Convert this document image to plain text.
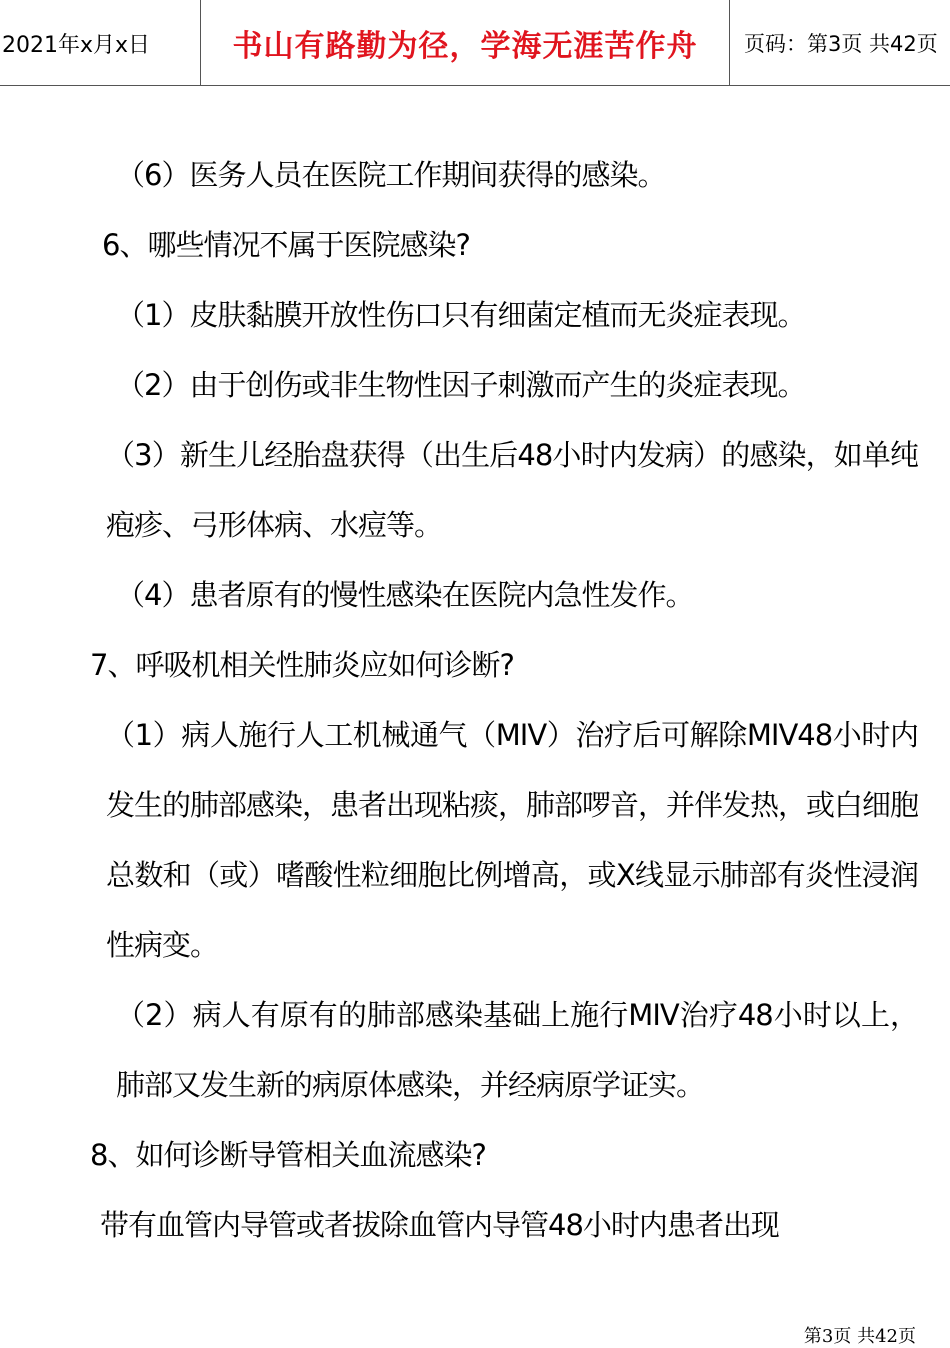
2021年x月x日	书山有路勤为径，学海无涯苦作舟	页码：第3页 共42页

（6）医务人员在医院工作期间获得的感染。

6、哪些情况不属于医院感染?

（1）皮肤黏膜开放性伤口只有细菌定植而无炎症表现。

（2）由于创伤或非生物性因子刺激而产生的炎症表现。

（3）新生儿经胎盘获得（出生后48小时内发病）的感染，如单纯疱疹、弓形体病、水痘等。

（4）患者原有的慢性感染在医院内急性发作。

7、呼吸机相关性肺炎应如何诊断?

（1）病人施行人工机械通气（MIV）治疗后可解除MIV48小时内发生的肺部感染，患者出现粘痰，肺部啰音，并伴发热，或白细胞总数和（或）嗜酸性粒细胞比例增高，或X线显示肺部有炎性浸润性病变。

（2）病人有原有的肺部感染基础上施行MIV治疗48小时以上，肺部又发生新的病原体感染，并经病原学证实。

8、如何诊断导管相关血流感染?

带有血管内导管或者拔除血管内导管48小时内患者出现

第3页 共42页
